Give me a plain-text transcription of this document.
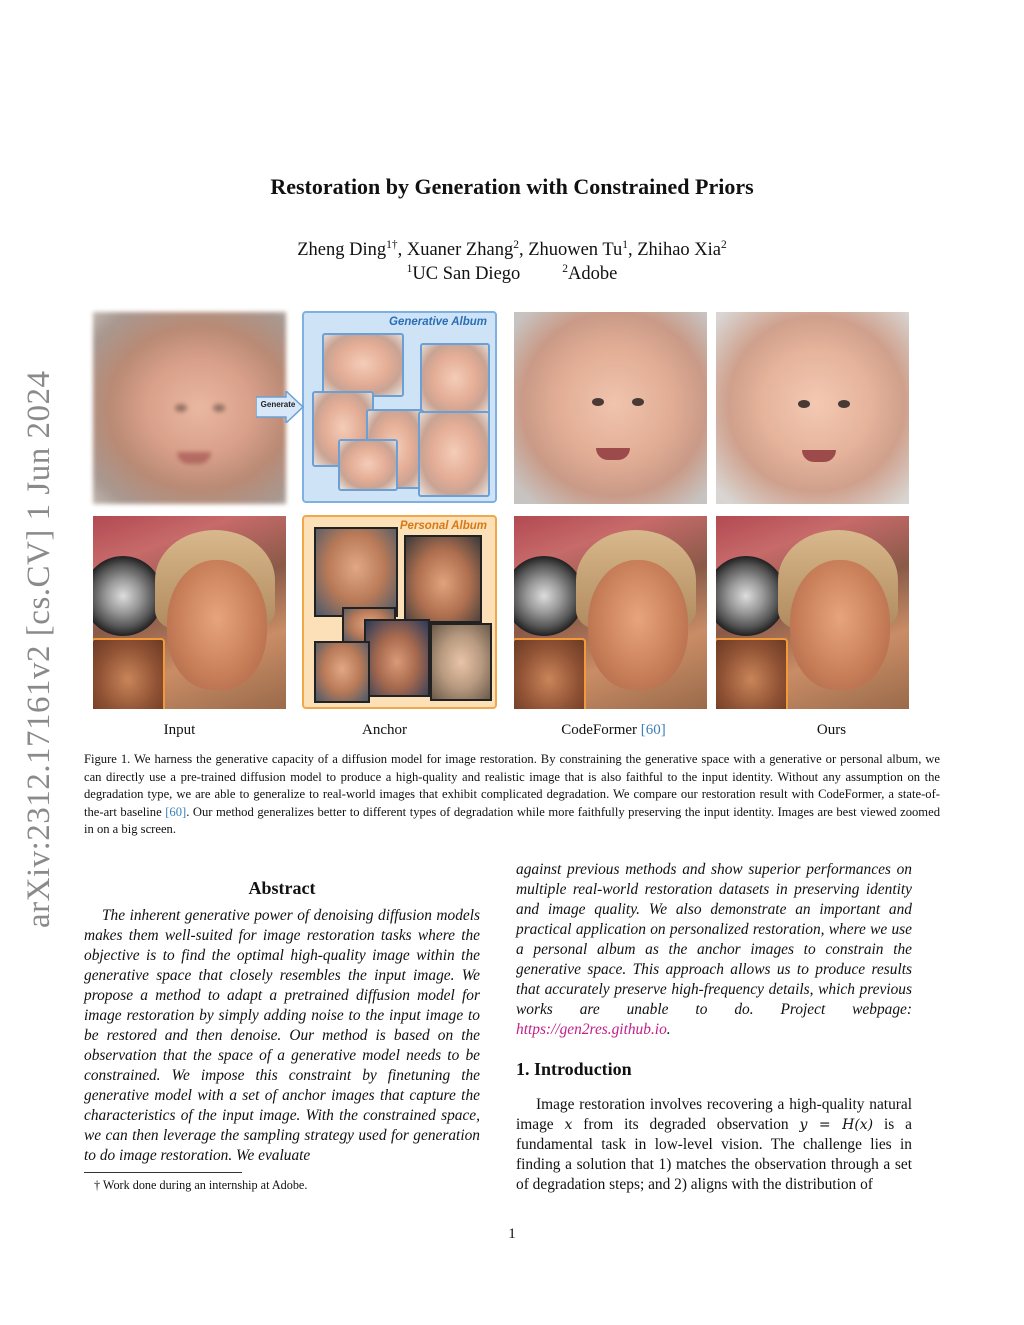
arXiv:2312.17161v2 [cs.CV] 1 Jun 2024
Restoration by Generation with Constrained Priors
Zheng Ding$^{1\dagger}$, Xuaner Zhang$^2$, Zhuowen Tu$^1$, Zhihao Xia$^2$
$^1$UC San Diego	$^2$Adobe
Generative Album
Generate
Personal Album
Input	Anchor	CodeFormer [60]	Ours

Figure 1. We harness the generative capacity of a diffusion model for image restoration. By constraining the generative space with a generative or personal album, we can directly use a pre-trained diffusion model to produce a high-quality and realistic image that is also faithful to the input identity. Without any assumption on the degradation type, we are able to generalize to real-world images that exhibit complicated degradation. We compare our restoration result with CodeFormer, a state-of-the-art baseline [60]. Our method generalizes better to different types of degradation while more faithfully preserving the input identity. Images are best viewed zoomed in on a big screen.

Abstract

The inherent generative power of denoising diffusion models makes them well-suited for image restoration tasks where the objective is to find the optimal high-quality image within the generative space that closely resembles the input image. We propose a method to adapt a pretrained diffusion model for image restoration by simply adding noise to the input image to be restored and then denoise. Our method is based on the observation that the space of a generative model needs to be constrained. We impose this constraint by finetuning the generative model with a set of anchor images that capture the characteristics of the input image. With the constrained space, we can then leverage the sampling strategy used for generation to do image restoration. We evaluate

against previous methods and show superior performances on multiple real-world restoration datasets in preserving identity and image quality. We also demonstrate an important and practical application on personalized restoration, where we use a personal album as the anchor images to constrain the generative space. This approach allows us to produce results that accurately preserve high-frequency details, which previous works are unable to do. Project webpage: https://gen2res.github.io.

1. Introduction

Image restoration involves recovering a high-quality natural image x from its degraded observation y = H(x) is a fundamental task in low-level vision. The challenge lies in finding a solution that 1) matches the observation through a set of degradation steps; and 2) aligns with the distribution of

† Work done during an internship at Adobe.
1
